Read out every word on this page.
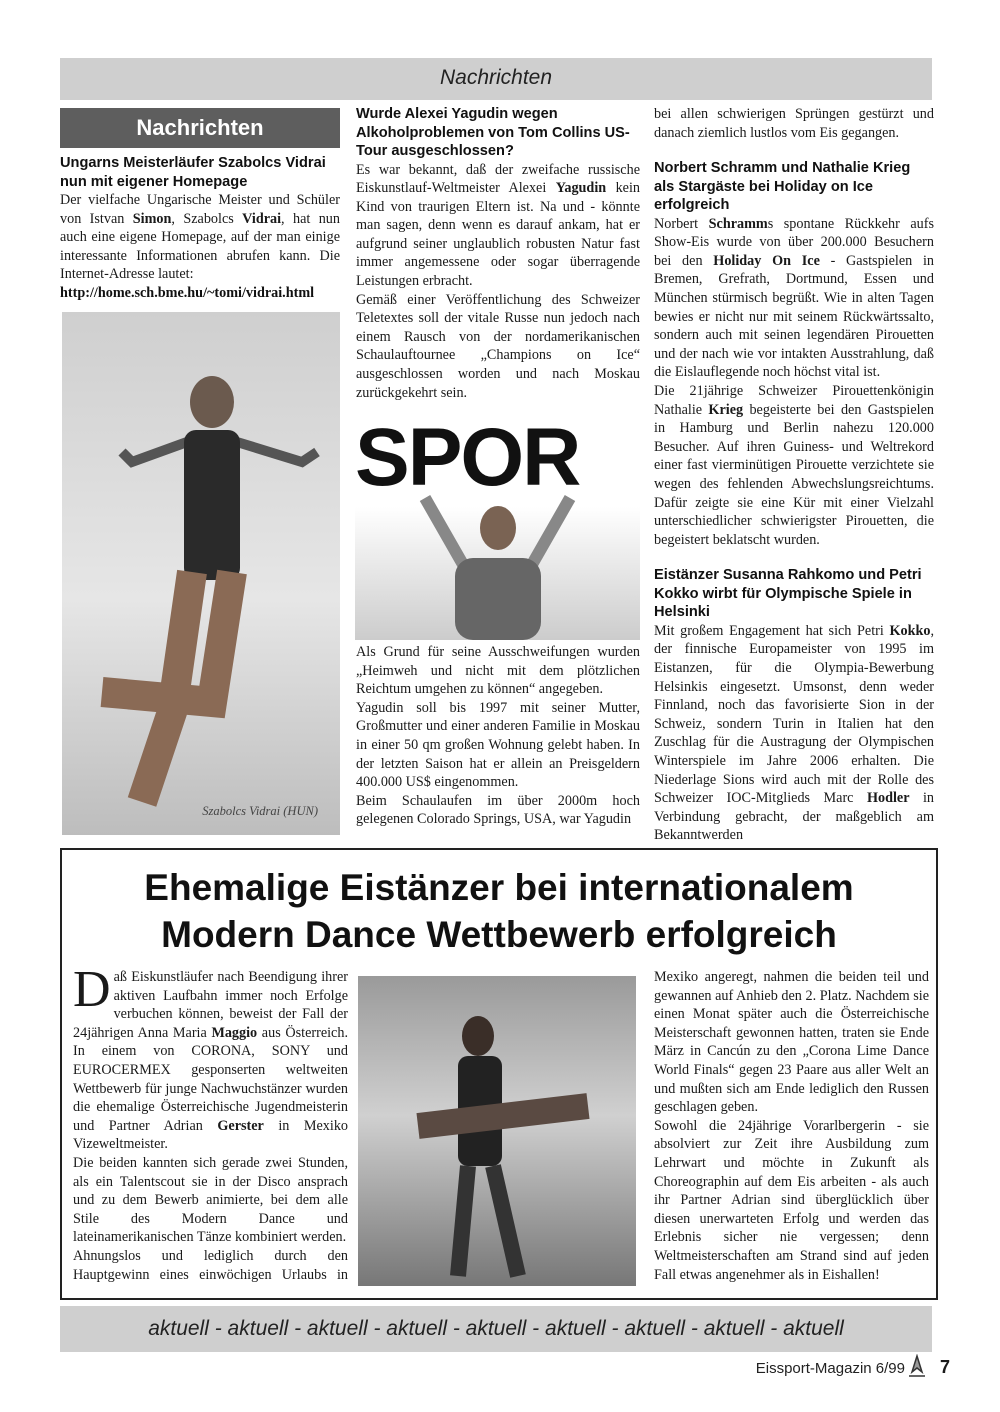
Nachrichten
Nachrichten
Ungarns Meisterläufer Szabolcs Vidrai nun mit eigener Homepage

Der vielfache Ungarische Meister und Schüler von Istvan Simon, Szabolcs Vidrai, hat nun auch eine eigene Homepage, auf der man einige interessante Informationen abrufen kann. Die Internet-Adresse lautet:

http://home.sch.bme.hu/~tomi/vidrai.html
Szabolcs Vidrai (HUN)
Wurde Alexei Yagudin wegen Alkoholproblemen von Tom Collins US-Tour ausgeschlossen?

Es war bekannt, daß der zweifache russische Eiskunstlauf-Weltmeister Alexei Yagudin kein Kind von traurigen Eltern ist. Na und - könnte man sagen, denn wenn es darauf ankam, hat er aufgrund seiner unglaublich robusten Natur fast immer angemessene oder sogar überragende Leistungen erbracht.

Gemäß einer Veröffentlichung des Schweizer Teletextes soll der vitale Russe nun jedoch nach einem Rausch von der nordamerikanischen Schaulauftournee „Champions on Ice“ ausgeschlossen worden und nach Moskau zurückgekehrt sein.

SPOR

Als Grund für seine Ausschweifungen wurden „Heimweh und nicht mit dem plötzlichen Reichtum umgehen zu können“ angegeben.

Yagudin soll bis 1997 mit seiner Mutter, Großmutter und einer anderen Familie in Moskau in einer 50 qm großen Wohnung gelebt haben. In der letzten Saison hat er allein an Preisgeldern 400.000 US$ eingenommen.

Beim Schaulaufen im über 2000m hoch gelegenen Colorado Springs, USA, war Yagudin

bei allen schwierigen Sprüngen gestürzt und danach ziemlich lustlos vom Eis gegangen.

Norbert Schramm und Nathalie Krieg als Stargäste bei Holiday on Ice erfolgreich

Norbert Schramms spontane Rückkehr aufs Show-Eis wurde von über 200.000 Besuchern bei den Holiday On Ice - Gastspielen in Bremen, Grefrath, Dortmund, Essen und München stürmisch begrüßt. Wie in alten Tagen bewies er nicht nur mit seinem Rückwärtssalto, sondern auch mit seinen legendären Pirouetten und der nach wie vor intakten Ausstrahlung, daß die Eislauflegende noch höchst vital ist.

Die 21jährige Schweizer Pirouettenkönigin Nathalie Krieg begeisterte bei den Gastspielen in Hamburg und Berlin nahezu 120.000 Besucher. Auf ihren Guiness- und Weltrekord einer fast vierminütigen Pirouette verzichtete sie wegen des fehlenden Abwechslungsreichtums. Dafür zeigte sie eine Kür mit einer Vielzahl unterschiedlicher schwierigster Pirouetten, die begeistert beklatscht wurden.

Eistänzer Susanna Rahkomo und Petri Kokko wirbt für Olympische Spiele in Helsinki

Mit großem Engagement hat sich Petri Kokko, der finnische Europameister von 1995 im Eistanzen, für die Olympia-Bewerbung Helsinkis eingesetzt. Umsonst, denn weder Finnland, noch das favorisierte Sion in der Schweiz, sondern Turin in Italien hat den Zuschlag für die Austragung der Olympischen Winterspiele im Jahre 2006 erhalten. Die Niederlage Sions wird auch mit der Rolle des Schweizer IOC-Mitglieds Marc Hodler in Verbindung gebracht, der maßgeblich am Bekanntwerden

Ehemalige Eistänzer bei internationalem
Modern Dance Wettbewerb erfolgreich

Daß Eiskunstläufer nach Beendigung ihrer aktiven Laufbahn immer noch Erfolge verbuchen können, beweist der Fall der 24jährigen Anna Maria Maggio aus Österreich. In einem von CORONA, SONY und EUROCERMEX gesponserten weltweiten Wettbewerb für junge Nachwuchstänzer wurden die ehemalige Österreichische Jugendmeisterin und Partner Adrian Gerster in Mexiko Vizeweltmeister.

Die beiden kannten sich gerade zwei Stunden, als ein Talentscout sie in der Disco ansprach und zu dem Bewerb animierte, bei dem alle Stile des Modern Dance und lateinamerikanischen Tänze kombiniert werden.

Ahnungslos und lediglich durch den Hauptgewinn eines einwöchigen Urlaubs in Mexiko angeregt, nahmen die beiden teil und gewannen auf Anhieb den 2. Platz. Nachdem sie einen Monat später auch die Österreichische Meisterschaft gewonnen hatten, traten sie Ende März in Cancún zu den „Corona Lime Dance World Finals“ gegen 23 Paare aus aller Welt an und mußten sich am Ende lediglich den Russen geschlagen geben.

Sowohl die 24jährige Vorarlbergerin - sie absolviert zur Zeit ihre Ausbildung zum Lehrwart und möchte in Zukunft als Choreographin auf dem Eis arbeiten - als auch ihr Partner Adrian sind überglücklich über diesen unerwarteten Erfolg und werden das Erlebnis sicher nie vergessen; denn Weltmeisterschaften am Strand sind auf jeden Fall etwas angenehmer als in Eishallen!

aktuell - aktuell - aktuell - aktuell - aktuell - aktuell - aktuell - aktuell - aktuell
Eissport-Magazin 6/99 7
